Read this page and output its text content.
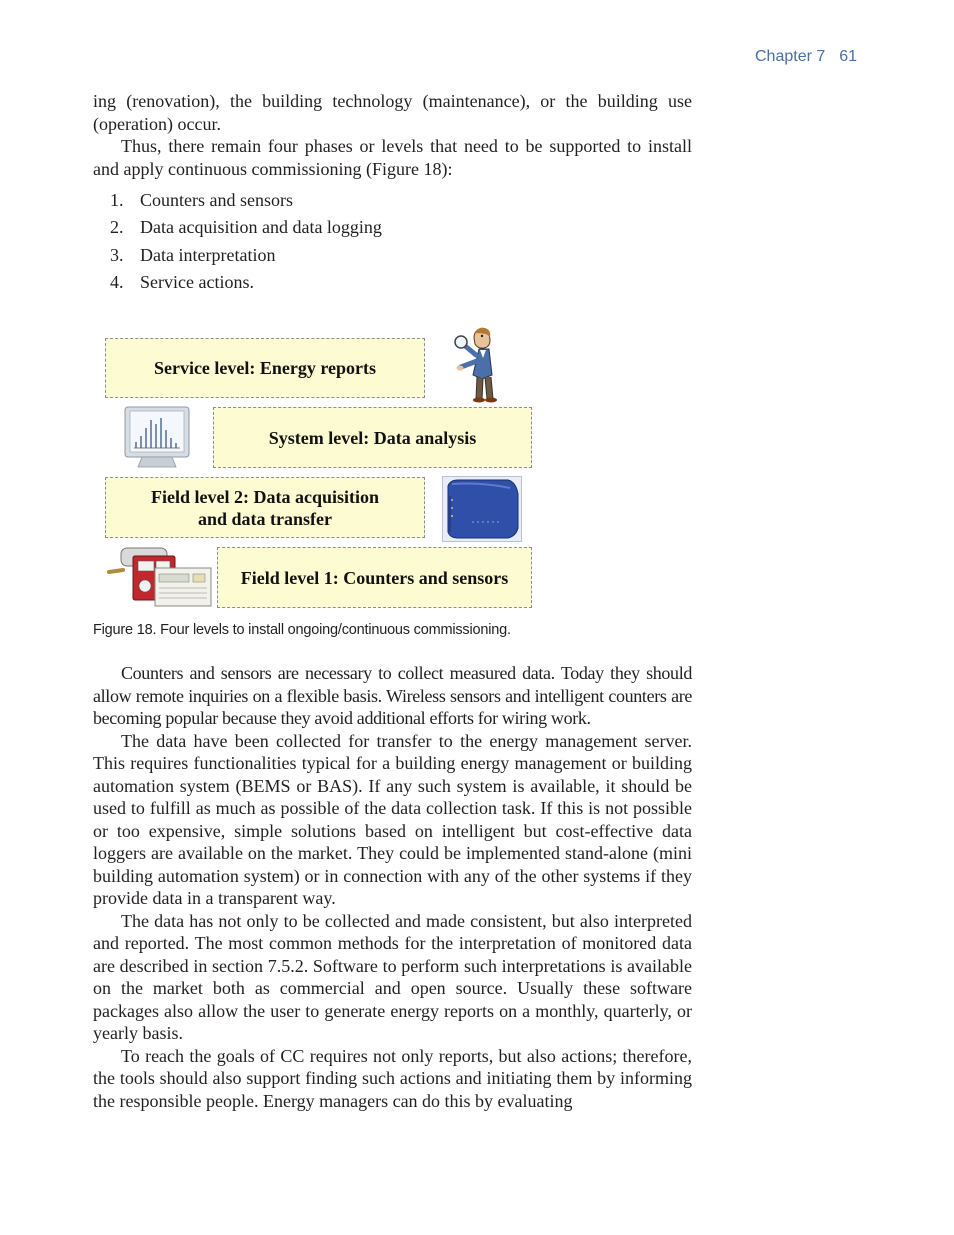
Chapter 7 61

ing (renovation), the building technology (maintenance), or the building use (operation) occur.

Thus, there remain four phases or levels that need to be supported to install and apply continuous commissioning (Figure 18):

1. Counters and sensors
2. Data acquisition and data logging
3. Data interpretation
4. Service actions.
Service level: Energy reports
System level: Data analysis
Field level 2: Data acquisition
and data transfer
Field level 1: Counters and sensors
Figure 18. Four levels to install ongoing/continuous commissioning.

Counters and sensors are necessary to collect measured data. Today they should allow remote inquiries on a flexible basis. Wireless sensors and intelligent counters are becoming popular because they avoid additional efforts for wiring work.

The data have been collected for transfer to the energy management server. This requires functionalities typical for a building energy management or building automation system (BEMS or BAS). If any such system is available, it should be used to fulfill as much as possible of the data collection task. If this is not possible or too expensive, simple solutions based on intelligent but cost-effective data loggers are available on the market. They could be implemented stand-alone (mini building automation system) or in connection with any of the other systems if they provide data in a transparent way.

The data has not only to be collected and made consistent, but also interpreted and reported. The most common methods for the interpretation of monitored data are described in section 7.5.2. Software to perform such interpretations is available on the market both as commercial and open source. Usually these software packages also allow the user to generate energy reports on a monthly, quarterly, or yearly basis.

To reach the goals of CC requires not only reports, but also actions; therefore, the tools should also support finding such actions and initiating them by informing the responsible people. Energy managers can do this by evaluating
